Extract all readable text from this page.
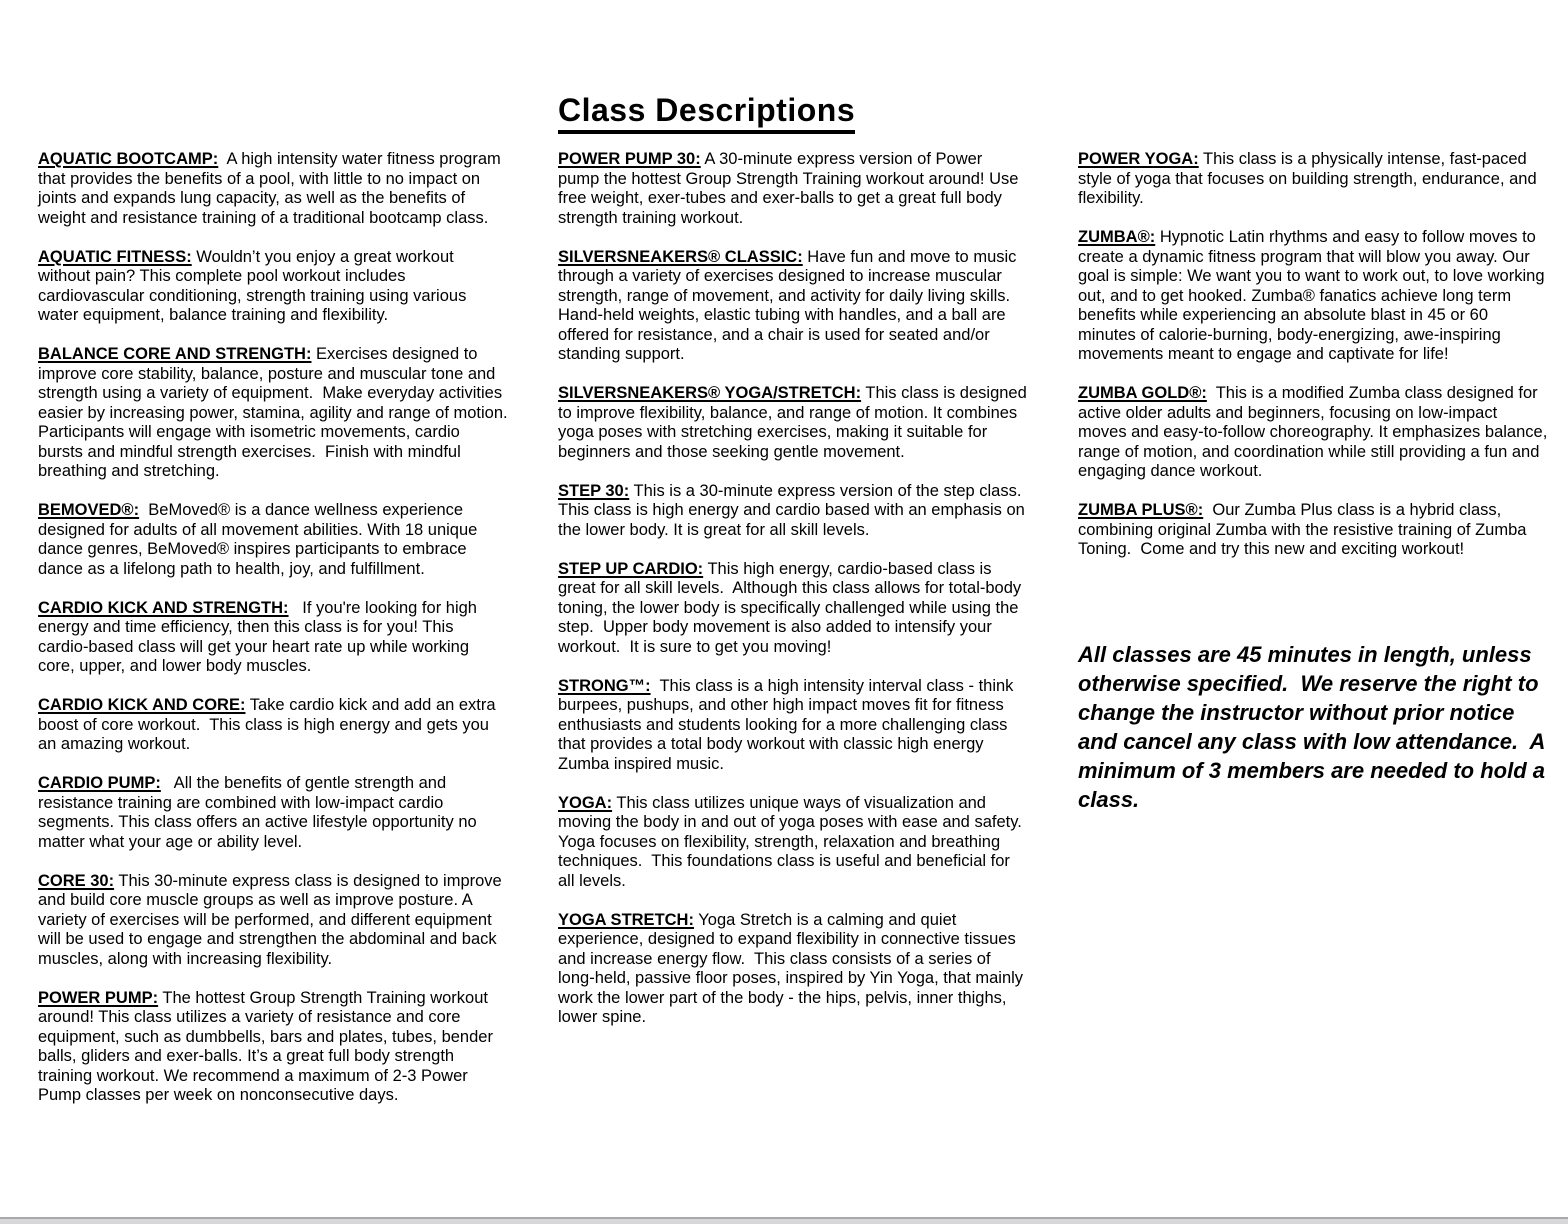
Class Descriptions

AQUATIC BOOTCAMP:  A high intensity water fitness program that provides the benefits of a pool, with little to no impact on joints and expands lung capacity, as well as the benefits of weight and resistance training of a traditional bootcamp class.

AQUATIC FITNESS: Wouldn’t you enjoy a great workout without pain? This complete pool workout includes cardiovascular conditioning, strength training using various water equipment, balance training and flexibility.

BALANCE CORE AND STRENGTH: Exercises designed to improve core stability, balance, posture and muscular tone and strength using a variety of equipment.  Make everyday activities easier by increasing power, stamina, agility and range of motion. Participants will engage with isometric movements, cardio bursts and mindful strength exercises.  Finish with mindful breathing and stretching.

BEMOVED®:  BeMoved® is a dance wellness experience designed for adults of all movement abilities. With 18 unique dance genres, BeMoved® inspires participants to embrace dance as a lifelong path to health, joy, and fulfillment.

CARDIO KICK AND STRENGTH:   If you're looking for high energy and time efficiency, then this class is for you! This cardio-based class will get your heart rate up while working core, upper, and lower body muscles.

CARDIO KICK AND CORE: Take cardio kick and add an extra boost of core workout.  This class is high energy and gets you an amazing workout.

CARDIO PUMP:   All the benefits of gentle strength and resistance training are combined with low-impact cardio segments. This class offers an active lifestyle opportunity no matter what your age or ability level.

CORE 30: This 30-minute express class is designed to improve and build core muscle groups as well as improve posture. A variety of exercises will be performed, and different equipment will be used to engage and strengthen the abdominal and back muscles, along with increasing flexibility.

POWER PUMP: The hottest Group Strength Training workout around! This class utilizes a variety of resistance and core equipment, such as dumbbells, bars and plates, tubes, bender balls, gliders and exer-balls. It’s a great full body strength training workout. We recommend a maximum of 2-3 Power Pump classes per week on nonconsecutive days.

POWER PUMP 30: A 30-minute express version of Power pump the hottest Group Strength Training workout around! Use free weight, exer-tubes and exer-balls to get a great full body strength training workout.

SILVERSNEAKERS® CLASSIC: Have fun and move to music through a variety of exercises designed to increase muscular strength, range of movement, and activity for daily living skills. Hand-held weights, elastic tubing with handles, and a ball are offered for resistance, and a chair is used for seated and/or standing support.

SILVERSNEAKERS® YOGA/STRETCH: This class is designed to improve flexibility, balance, and range of motion. It combines yoga poses with stretching exercises, making it suitable for beginners and those seeking gentle movement.

STEP 30: This is a 30-minute express version of the step class. This class is high energy and cardio based with an emphasis on the lower body. It is great for all skill levels.

STEP UP CARDIO: This high energy, cardio-based class is great for all skill levels.  Although this class allows for total-body toning, the lower body is specifically challenged while using the step.  Upper body movement is also added to intensify your workout.  It is sure to get you moving!

STRONG™:  This class is a high intensity interval class - think burpees, pushups, and other high impact moves fit for fitness enthusiasts and students looking for a more challenging class that provides a total body workout with classic high energy Zumba inspired music.

YOGA: This class utilizes unique ways of visualization and moving the body in and out of yoga poses with ease and safety. Yoga focuses on flexibility, strength, relaxation and breathing techniques.  This foundations class is useful and beneficial for all levels.

YOGA STRETCH: Yoga Stretch is a calming and quiet experience, designed to expand flexibility in connective tissues and increase energy flow.  This class consists of a series of long-held, passive floor poses, inspired by Yin Yoga, that mainly work the lower part of the body - the hips, pelvis, inner thighs, lower spine.

POWER YOGA: This class is a physically intense, fast-paced style of yoga that focuses on building strength, endurance, and flexibility.

ZUMBA®: Hypnotic Latin rhythms and easy to follow moves to create a dynamic fitness program that will blow you away. Our goal is simple: We want you to want to work out, to love working out, and to get hooked. Zumba® fanatics achieve long term benefits while experiencing an absolute blast in 45 or 60 minutes of calorie-burning, body-energizing, awe-inspiring movements meant to engage and captivate for life!

ZUMBA GOLD®:  This is a modified Zumba class designed for active older adults and beginners, focusing on low-impact moves and easy-to-follow choreography. It emphasizes balance, range of motion, and coordination while still providing a fun and engaging dance workout.

ZUMBA PLUS®:  Our Zumba Plus class is a hybrid class, combining original Zumba with the resistive training of Zumba Toning.  Come and try this new and exciting workout!

All classes are 45 minutes in length, unless otherwise specified.  We reserve the right to change the instructor without prior notice and cancel any class with low attendance.  A minimum of 3 members are needed to hold a class.
